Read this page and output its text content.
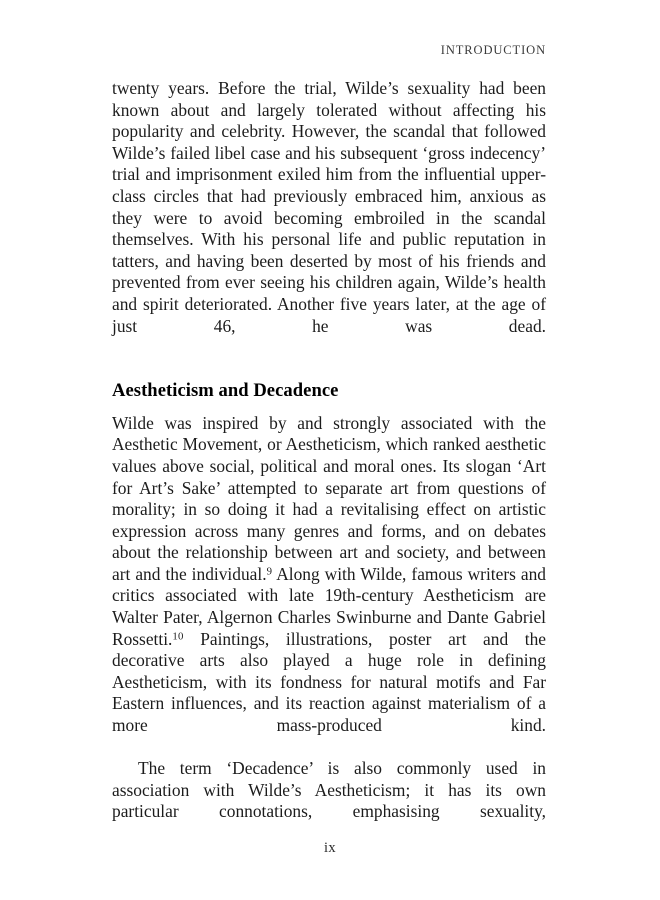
INTRODUCTION

twenty years. Before the trial, Wilde’s sexuality had been known about and largely tolerated without affecting his popularity and celebrity. However, the scandal that followed Wilde’s failed libel case and his subsequent ‘gross indecency’ trial and imprisonment exiled him from the influential upper-class circles that had previously embraced him, anxious as they were to avoid becoming embroiled in the scandal themselves. With his personal life and public reputation in tatters, and having been deserted by most of his friends and prevented from ever seeing his children again, Wilde’s health and spirit deteriorated. Another five years later, at the age of just 46, he was dead.

Aestheticism and Decadence

Wilde was inspired by and strongly associated with the Aesthetic Movement, or Aestheticism, which ranked aesthetic values above social, political and moral ones. Its slogan ‘Art for Art’s Sake’ attempted to separate art from questions of morality; in so doing it had a revitalising effect on artistic expression across many genres and forms, and on debates about the relationship between art and society, and between art and the individual.$^9$ Along with Wilde, famous writers and critics associated with late 19th-century Aestheticism are Walter Pater, Algernon Charles Swinburne and Dante Gabriel Rossetti.$^{10}$ Paintings, illustrations, poster art and the decorative arts also played a huge role in defining Aestheticism, with its fondness for natural motifs and Far Eastern influences, and its reaction against materialism of a more mass-produced kind.

The term ‘Decadence’ is also commonly used in association with Wilde’s Aestheticism; it has its own particular connotations, emphasising sexuality,

ix
